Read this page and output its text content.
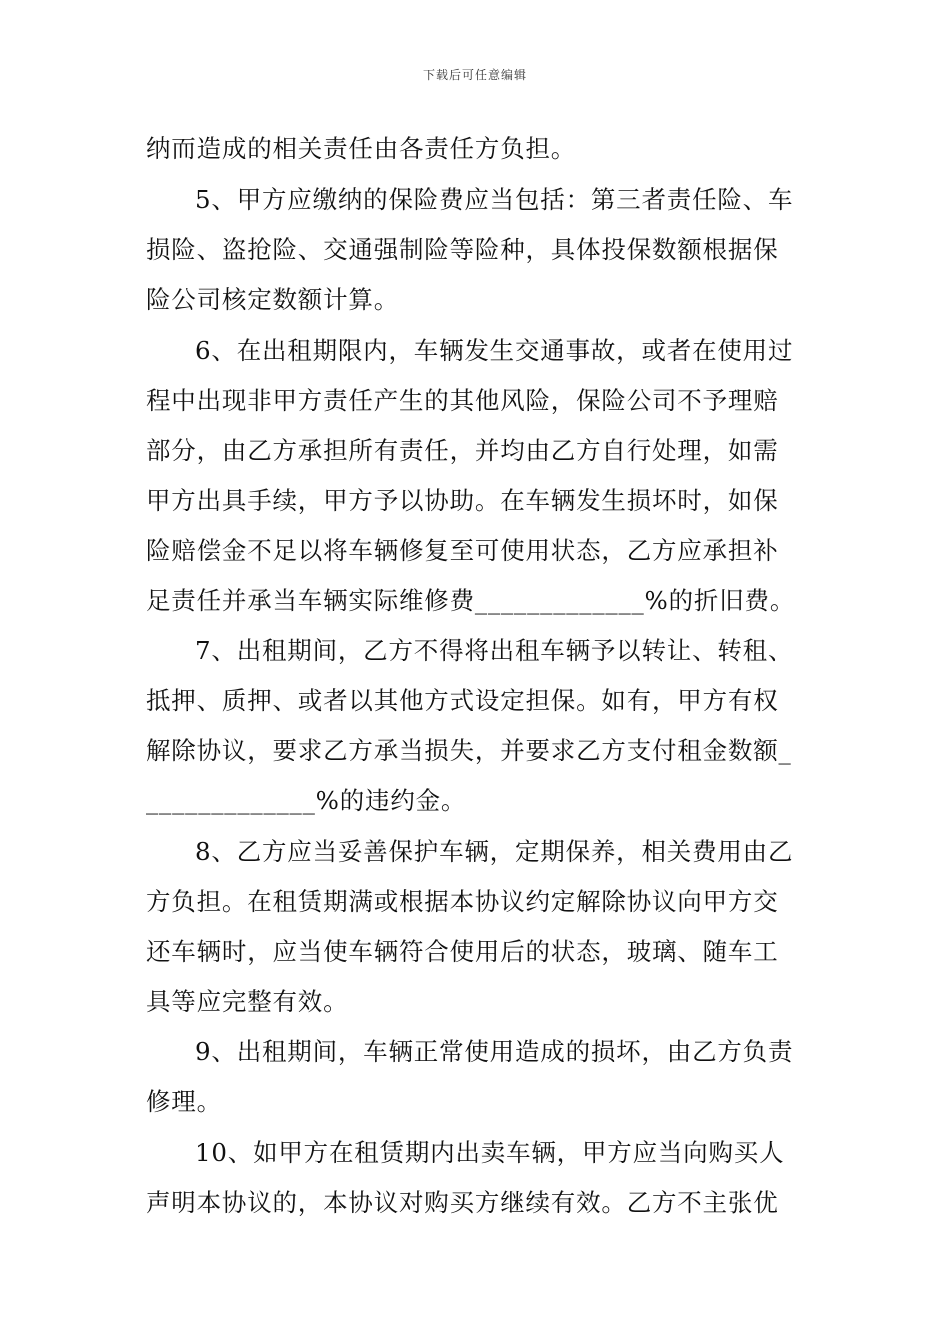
下载后可任意编辑
纳而造成的相关责任由各责任方负担。
5、甲方应缴纳的保险费应当包括：第三者责任险、车
损险、盗抢险、交通强制险等险种，具体投保数额根据保
险公司核定数额计算。
6、在出租期限内，车辆发生交通事故，或者在使用过
程中出现非甲方责任产生的其他风险，保险公司不予理赔
部分，由乙方承担所有责任，并均由乙方自行处理，如需
甲方出具手续，甲方予以协助。在车辆发生损坏时，如保
险赔偿金不足以将车辆修复至可使用状态，乙方应承担补
足责任并承当车辆实际维修费_____________%的折旧费。
7、出租期间，乙方不得将出租车辆予以转让、转租、
抵押、质押、或者以其他方式设定担保。如有，甲方有权
解除协议，要求乙方承当损失，并要求乙方支付租金数额_
_____________%的违约金。
8、乙方应当妥善保护车辆，定期保养，相关费用由乙
方负担。在租赁期满或根据本协议约定解除协议向甲方交
还车辆时，应当使车辆符合使用后的状态，玻璃、随车工
具等应完整有效。
9、出租期间，车辆正常使用造成的损坏，由乙方负责
修理。
10、如甲方在租赁期内出卖车辆，甲方应当向购买人
声明本协议的，本协议对购买方继续有效。乙方不主张优
